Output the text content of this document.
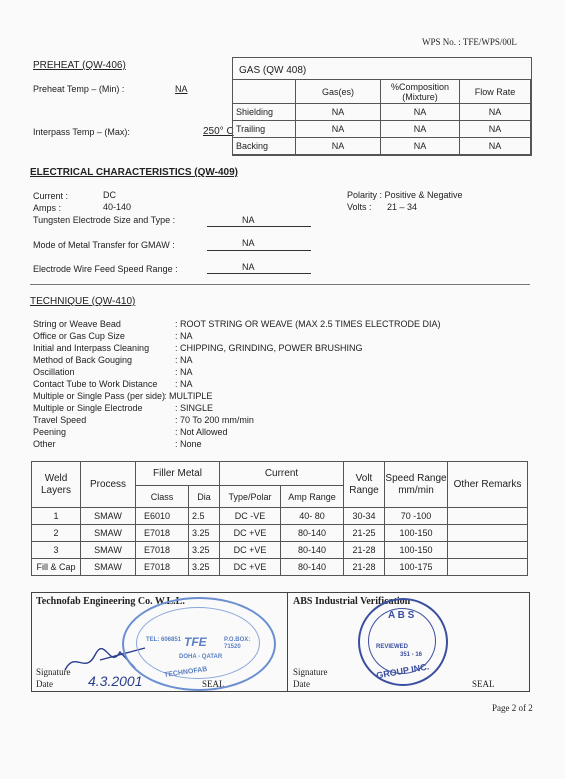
WPS No. : TFE/WPS/00L
PREHEAT (QW-406)
Preheat Temp – (Min) :	NA
Interpass Temp – (Max):	250° C
GAS (QW 408)
	Gas(es)	%Composition (Mixture)	Flow Rate
Shielding	NA	NA	NA
Trailing	NA	NA	NA
Backing	NA	NA	NA
ELECTRICAL CHARACTERISTICS (QW-409)
Current :	DC
Amps :	40-140
Polarity : Positive & Negative
Volts : 21 – 34
Tungsten Electrode Size and Type :	NA
Mode of Metal Transfer for GMAW :	NA
Electrode Wire Feed Speed Range :	NA
TECHNIQUE (QW-410)
String or Weave Bead	: ROOT STRING OR WEAVE (MAX 2.5 TIMES ELECTRODE DIA)
Office or Gas Cup Size	: NA
Initial and Interpass Cleaning	: CHIPPING, GRINDING, POWER BRUSHING
Method of Back Gouging	: NA
Oscillation	: NA
Contact Tube to Work Distance : NA
Multiple or Single Pass (per side)
: MULTIPLE
Multiple or Single Electrode	: SINGLE
Travel Speed	: 70 To 200 mm/min
Peening	: Not Allowed
Other	: None
Weld Layers	Process	Filler Metal		Current		Volt Range	Speed Range mm/min	Other Remarks
		Class	Dia	Type/Polar	Amp Range			
1	SMAW	E6010	2.5	DC -VE	40- 80	30-34	70 -100	
2	SMAW	E7018	3.25	DC +VE	80-140	21-25	100-150	
3	SMAW	E7018	3.25	DC +VE	80-140	21-28	100-150	
Fill & Cap	SMAW	E7018	3.25	DC +VE	80-140	21-28	100-175	
Technofab Engineering Co. W.L.L.	ABS Industrial Verification
Signature
Date	4.3.2001	SEAL
Signature
Date	SEAL
TEL: 606851	P.O.BOX: 71520
TFE
DOHA - QATAR
TECHNOFAB
A B S
REVIEWED
351 - 16
GROUP INC.
Page 2 of 2
